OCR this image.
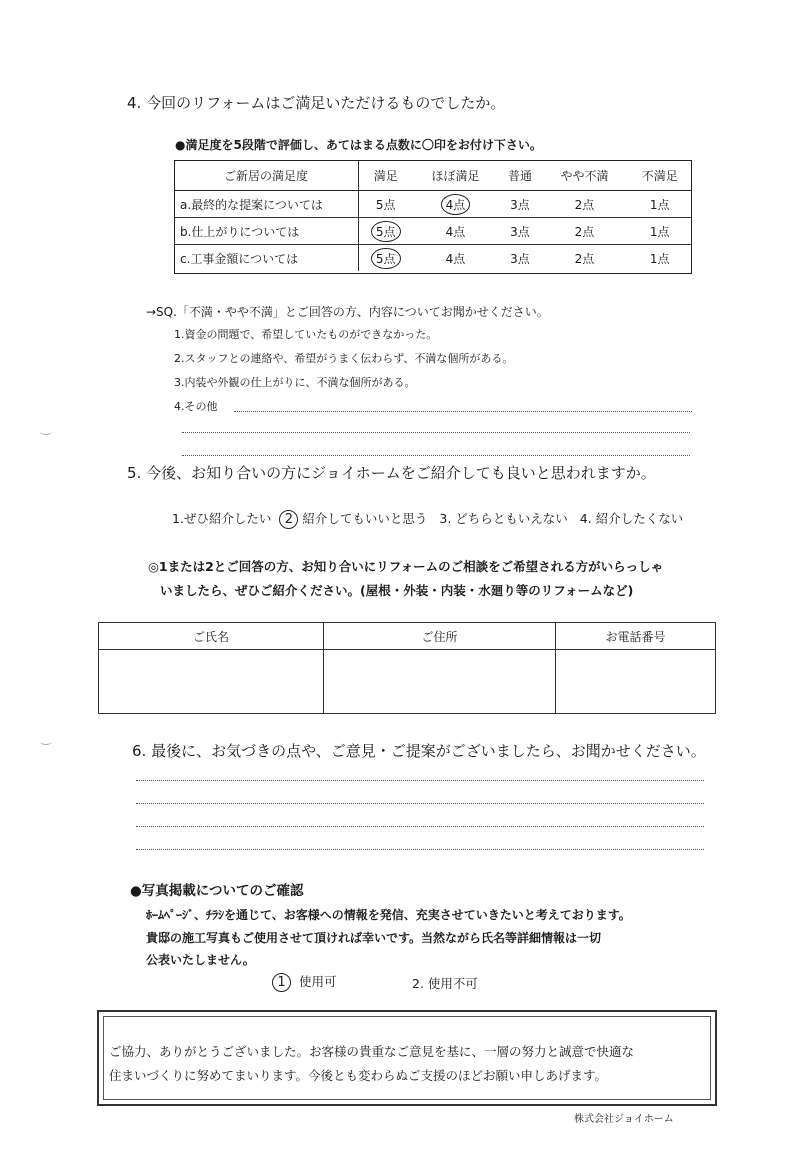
4. 今回のリフォームはご満足いただけるものでしたか。
●満足度を5段階で評価し、あてはまる点数に〇印をお付け下さい。
ご新居の満足度	満足	ほぼ満足	普通	やや不満	不満足
a.最終的な提案については	5点	4点	3点	2点	1点
b.仕上がりについては	5点	4点	3点	2点	1点
c.工事金額については	5点	4点	3点	2点	1点
→SQ.「不満・やや不満」とご回答の方、内容についてお聞かせください。
1.資金の問題で、希望していたものができなかった。
2.スタッフとの連絡や、希望がうまく伝わらず、不満な個所がある。
3.内装や外観の仕上がりに、不満な個所がある。
4.その他
5. 今後、お知り合いの方にジョイホームをご紹介しても良いと思われますか。
1.ぜひ紹介したい 2 紹介してもいいと思う 3. どちらともいえない 4. 紹介したくない
◎1または2とご回答の方、お知り合いにリフォームのご相談をご希望される方がいらっしゃ
いましたら、ぜひご紹介ください。(屋根・外装・内装・水廻り等のリフォームなど)
ご氏名	ご住所	お電話番号

6. 最後に、お気づきの点や、ご意見・ご提案がございましたら、お聞かせください。
●写真掲載についてのご確認
ﾎｰﾑﾍﾟｰｼﾞ、ﾁﾗｼを通じて、お客様への情報を発信、充実させていきたいと考えております。
貴邸の施工写真もご使用させて頂ければ幸いです。当然ながら氏名等詳細情報は一切
公表いたしません。
1 使用可	2. 使用不可
ご協力、ありがとうございました。お客様の貴重なご意見を基に、一層の努力と誠意で快適な
住まいづくりに努めてまいります。今後とも変わらぬご支援のほどお願い申しあげます。
株式会社ジョイホーム
